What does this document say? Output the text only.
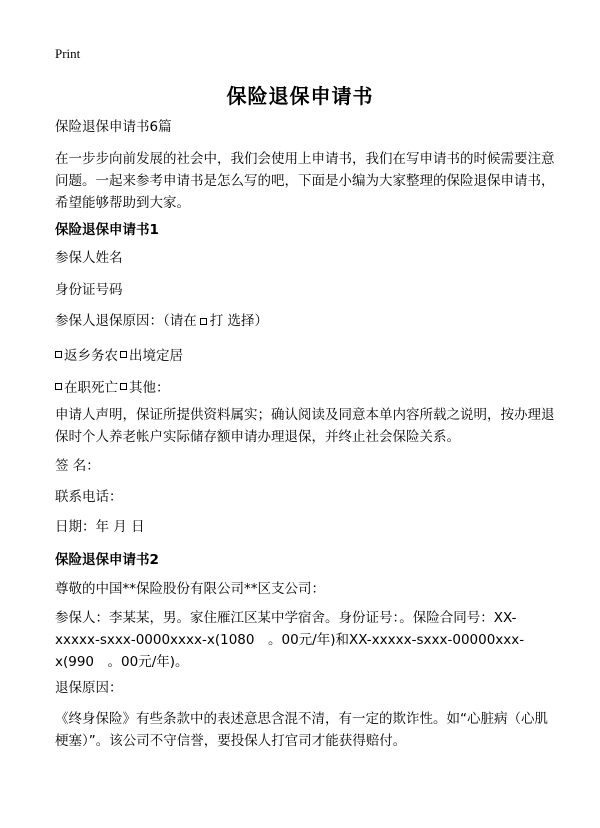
Print
保险退保申请书

保险退保申请书6篇

在一步步向前发展的社会中，我们会使用上申请书，我们在写申请书的时候需要注意问题。一起来参考申请书是怎么写的吧，下面是小编为大家整理的保险退保申请书，希望能够帮助到大家。

保险退保申请书1

参保人姓名

身份证号码

参保人退保原因：（请在 打 选择）

返乡务农 出境定居
在职死亡 其他：

申请人声明，保证所提供资料属实；确认阅读及同意本单内容所载之说明，按办理退保时个人养老帐户实际储存额申请办理退保，并终止社会保险关系。

签 名：

联系电话：

日期：年 月 日

保险退保申请书2

尊敬的中国**保险股份有限公司**区支公司：

参保人：李某某，男。家住雁江区某中学宿舍。身份证号：。保险合同号：XX-xxxxx-sxxx-0000xxxx-x(1080　。00元/年)和XX-xxxxx-sxxx-00000xxx-x(990　。00元/年)。

退保原因：

《终身保险》有些条款中的表述意思含混不清，有一定的欺诈性。如“心脏病（心肌梗塞）”。该公司不守信誉，要投保人打官司才能获得赔付。
